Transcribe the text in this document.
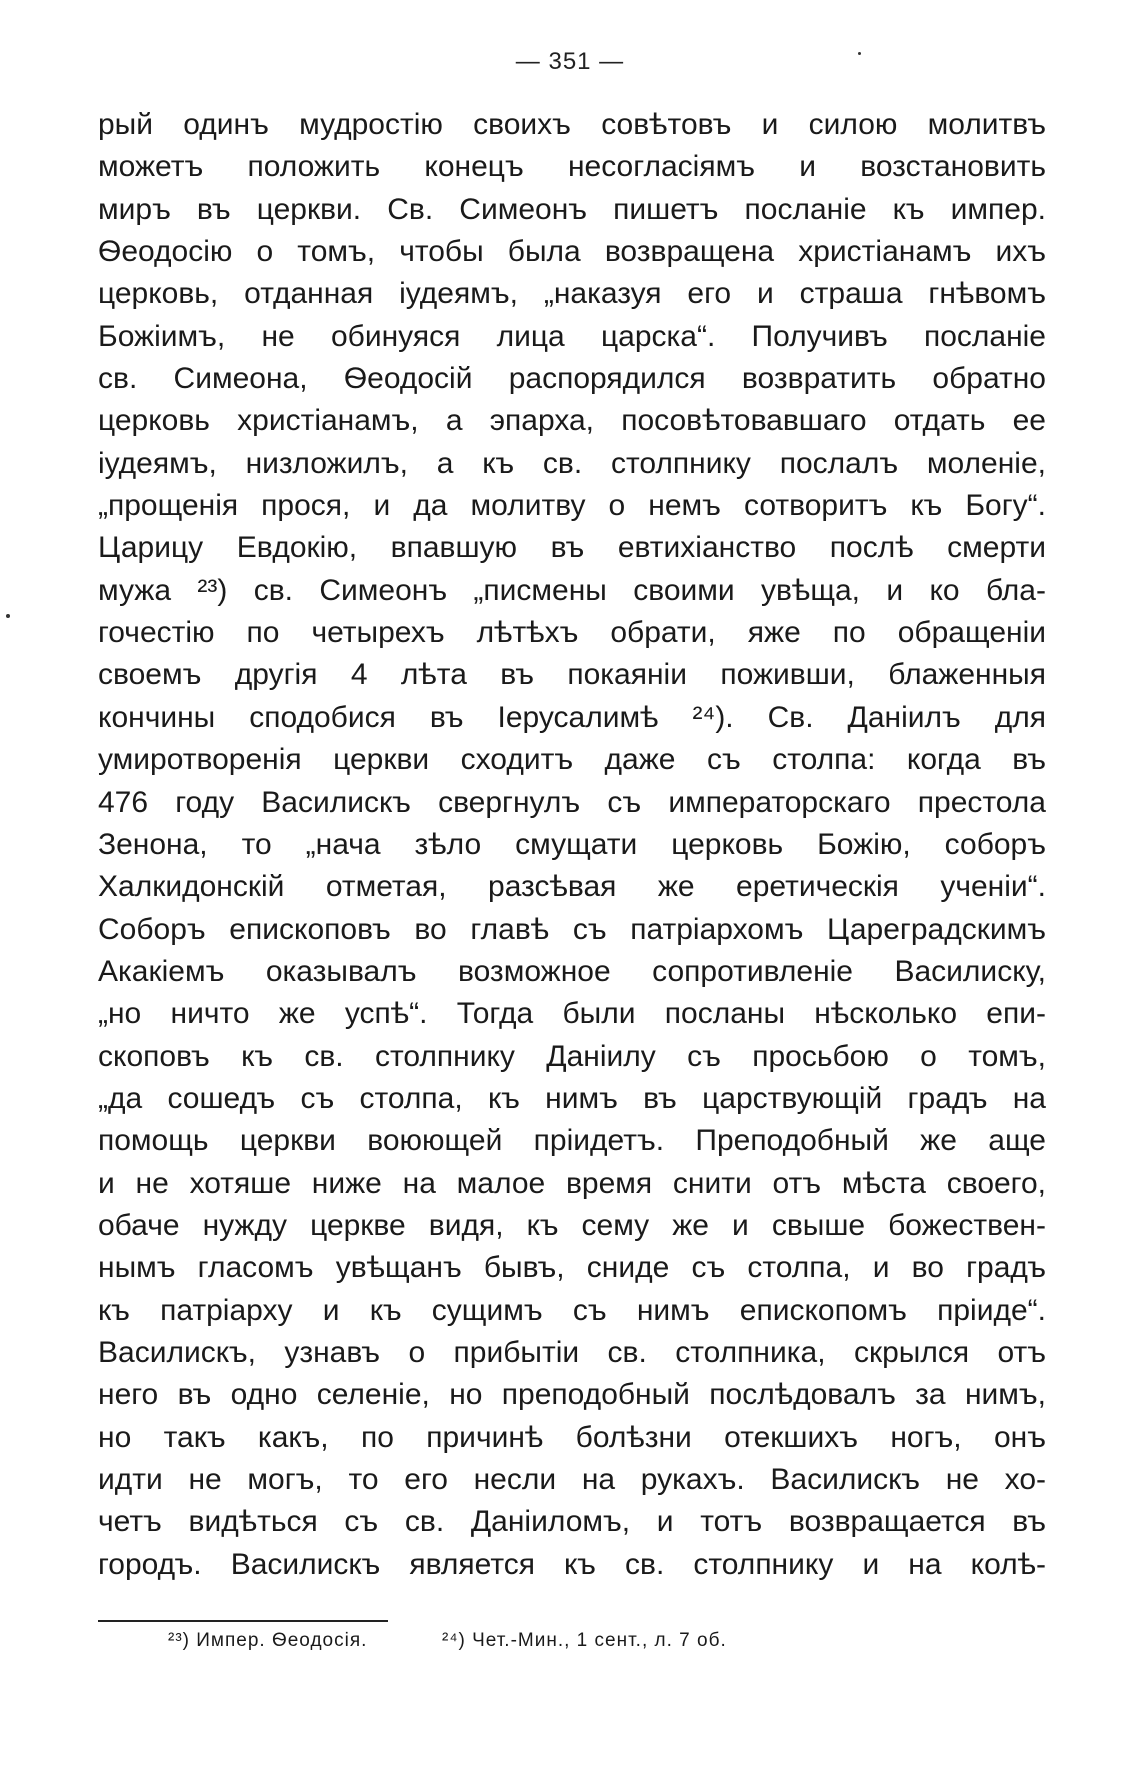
— 351 —
рый одинъ мудростію своихъ совѣтовъ и силою молитвъ
можетъ положить конецъ несогласіямъ и возстановить
миръ въ церкви. Св. Симеонъ пишетъ посланіе къ импер.
Ѳеодосію о томъ, чтобы была возвращена христіанамъ ихъ
церковь, отданная іудеямъ, „наказуя его и страша гнѣвомъ
Божіимъ, не обинуяся лица царска“. Получивъ посланіе
св. Симеона, Ѳеодосій распорядился возвратить обратно
церковь христіанамъ, а эпарха, посовѣтовавшаго отдать ее
іудеямъ, низложилъ, а къ св. столпнику послалъ моленіе,
„прощенія прося, и да молитву о немъ сотворитъ къ Богу“.
Царицу Евдокію, впавшую въ евтихіанство послѣ смерти
мужа ²³) св. Симеонъ „писмены своими увѣща, и ко бла-
гочестію по четырехъ лѣтѣхъ обрати, яже по обращеніи
своемъ другія 4 лѣта въ покаяніи поживши, блаженныя
кончины сподобися въ Іерусалимѣ ²⁴). Св. Даніилъ для
умиротворенія церкви сходитъ даже съ столпа: когда въ
476 году Василискъ свергнулъ съ императорскаго престола
Зенона, то „нача зѣло смущати церковь Божію, соборъ
Халкидонскій отметая, разсѣвая же еретическія ученіи“.
Соборъ епископовъ во главѣ съ патріархомъ Цареградскимъ
Акакіемъ оказывалъ возможное сопротивленіе Василиску,
„но ничто же успѣ“. Тогда были посланы нѣсколько епи-
скоповъ къ св. столпнику Даніилу съ просьбою о томъ,
„да сошедъ съ столпа, къ нимъ въ царствующій градъ на
помощь церкви воюющей пріидетъ. Преподобный же аще
и не хотяше ниже на малое время снити отъ мѣста своего,
обаче нужду церкве видя, къ сему же и свыше божествен-
нымъ гласомъ увѣщанъ бывъ, сниде съ столпа, и во градъ
къ патріарху и къ сущимъ съ нимъ епископомъ пріиде“.
Василискъ, узнавъ о прибытіи св. столпника, скрылся отъ
него въ одно селеніе, но преподобный послѣдовалъ за нимъ,
но такъ какъ, по причинѣ болѣзни отекшихъ ногъ, онъ
идти не могъ, то его несли на рукахъ. Василискъ не хо-
четъ видѣться съ св. Даніиломъ, и тотъ возвращается въ
городъ. Василискъ является къ св. столпнику и на колѣ-
²³) Импер. Ѳеодосія.	²⁴) Чет.-Мин., 1 сент., л. 7 об.
